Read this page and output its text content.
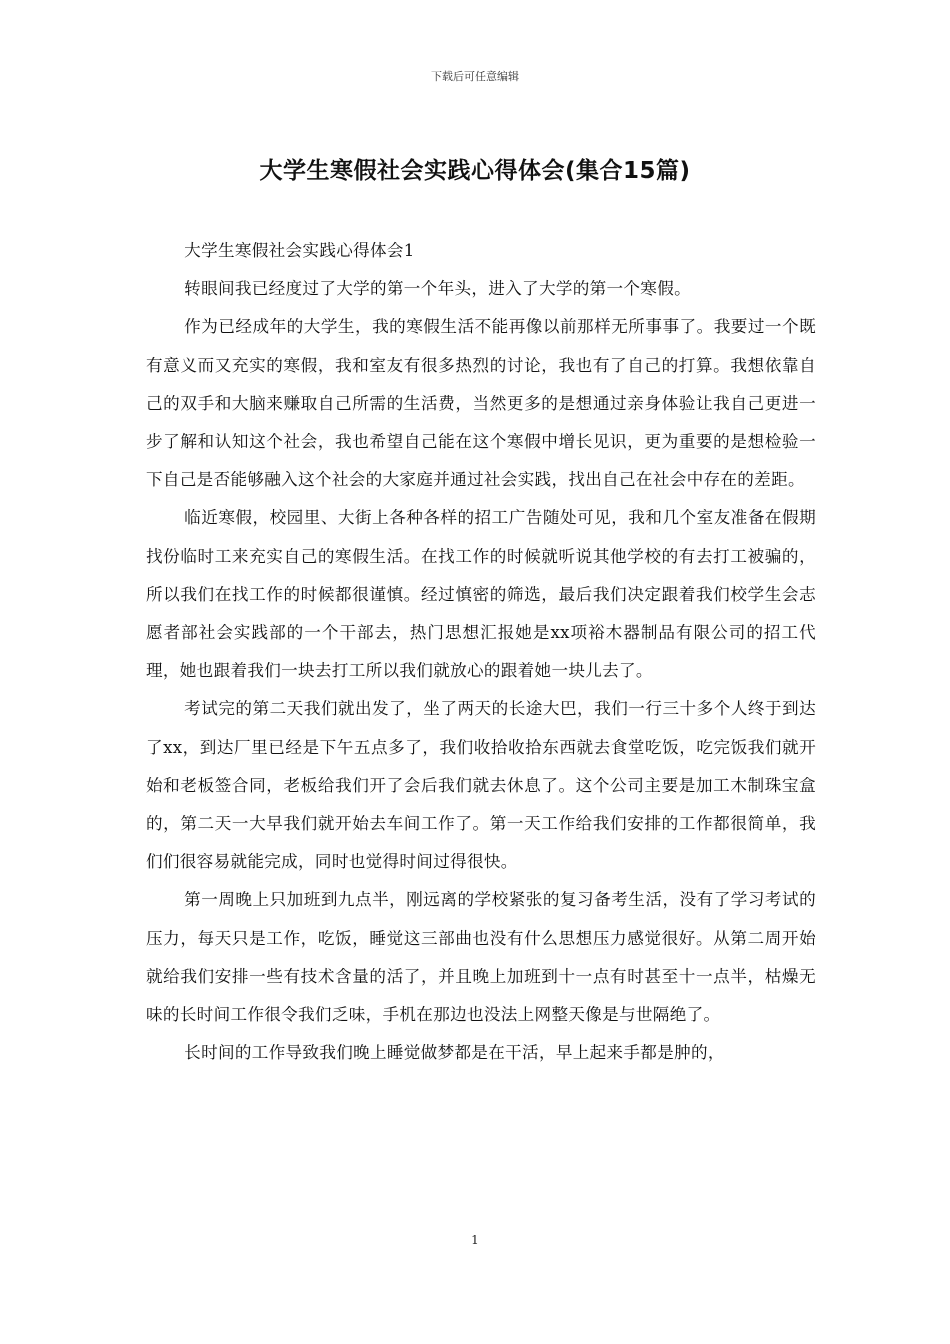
下载后可任意编辑
大学生寒假社会实践心得体会(集合15篇)

大学生寒假社会实践心得体会1

转眼间我已经度过了大学的第一个年头，进入了大学的第一个寒假。

作为已经成年的大学生，我的寒假生活不能再像以前那样无所事事了。我要过一个既有意义而又充实的寒假，我和室友有很多热烈的讨论，我也有了自己的打算。我想依靠自己的双手和大脑来赚取自己所需的生活费，当然更多的是想通过亲身体验让我自己更进一步了解和认知这个社会，我也希望自己能在这个寒假中增长见识，更为重要的是想检验一下自己是否能够融入这个社会的大家庭并通过社会实践，找出自己在社会中存在的差距。

临近寒假，校园里、大街上各种各样的招工广告随处可见，我和几个室友准备在假期找份临时工来充实自己的寒假生活。在找工作的时候就听说其他学校的有去打工被骗的，所以我们在找工作的时候都很谨慎。经过慎密的筛选，最后我们决定跟着我们校学生会志愿者部社会实践部的一个干部去，热门思想汇报她是xx项裕木器制品有限公司的招工代理，她也跟着我们一块去打工所以我们就放心的跟着她一块儿去了。

考试完的第二天我们就出发了，坐了两天的长途大巴，我们一行三十多个人终于到达了xx，到达厂里已经是下午五点多了，我们收拾收拾东西就去食堂吃饭，吃完饭我们就开始和老板签合同，老板给我们开了会后我们就去休息了。这个公司主要是加工木制珠宝盒的，第二天一大早我们就开始去车间工作了。第一天工作给我们安排的工作都很简单，我们们很容易就能完成，同时也觉得时间过得很快。

第一周晚上只加班到九点半，刚远离的学校紧张的复习备考生活，没有了学习考试的压力，每天只是工作，吃饭，睡觉这三部曲也没有什么思想压力感觉很好。从第二周开始就给我们安排一些有技术含量的活了，并且晚上加班到十一点有时甚至十一点半，枯燥无味的长时间工作很令我们乏味，手机在那边也没法上网整天像是与世隔绝了。

长时间的工作导致我们晚上睡觉做梦都是在干活，早上起来手都是肿的，

1
